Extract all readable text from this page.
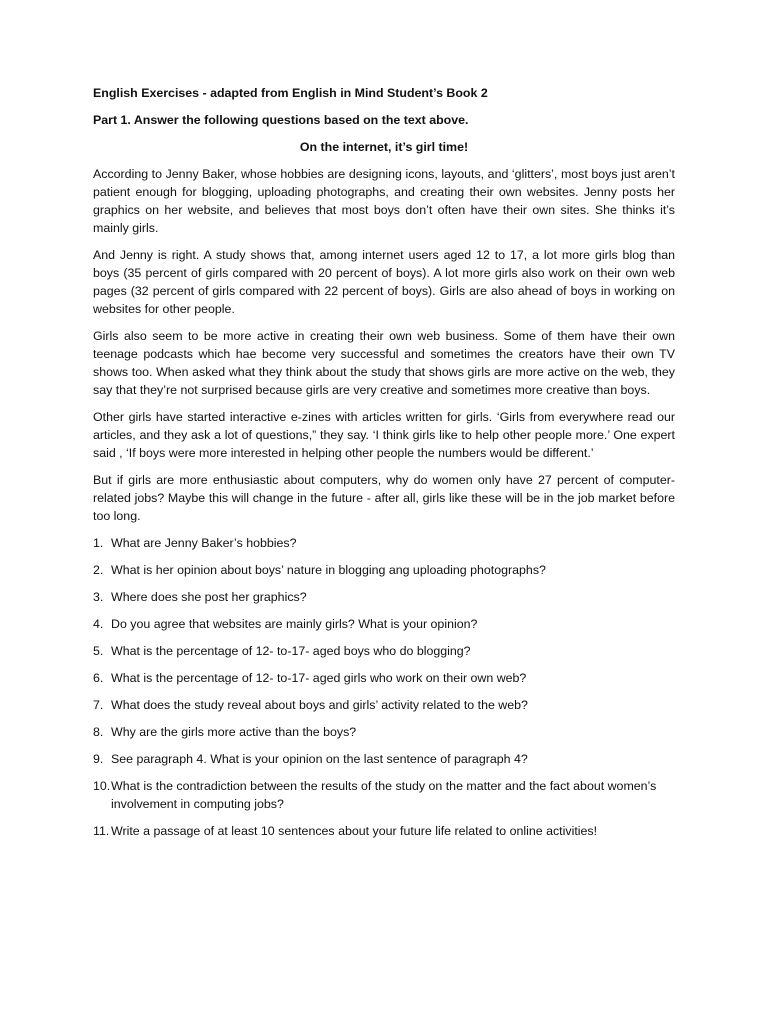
English Exercises - adapted from English in Mind Student’s Book 2

Part 1. Answer the following questions based on the text above.

On the internet, it’s girl time!

According to Jenny Baker, whose hobbies are designing icons, layouts, and ‘glitters’, most boys just aren’t patient enough for blogging, uploading photographs, and creating their own websites. Jenny posts her graphics on her website, and believes that most boys don’t often have their own sites. She thinks it’s mainly girls.

And Jenny is right. A study shows that, among internet users aged 12 to 17, a lot more girls blog than boys (35 percent of girls compared with 20 percent of boys). A lot more girls also work on their own web pages (32 percent of girls compared with 22 percent of boys). Girls are also ahead of boys in working on websites for other people.

Girls also seem to be more active in creating their own web business. Some of them have their own teenage podcasts which hae become very successful and sometimes the creators have their own TV shows too. When asked what they think about the study that shows girls are more active on the web, they say that they’re not surprised because girls are very creative and sometimes more creative than boys.

Other girls have started interactive e-zines with articles written for girls. ‘Girls from everywhere read our articles, and they ask a lot of questions,” they say. ‘I think girls like to help other people more.’ One expert said , ‘If boys were more interested in helping other people the numbers would be different.’

But if girls are more enthusiastic about computers, why do women only have 27 percent of computer-related jobs? Maybe this will change in the future - after all, girls like these will be in the job market before too long.

1. What are Jenny Baker’s hobbies?
2. What is her opinion about boys’ nature in blogging ang uploading photographs?
3. Where does she post her graphics?
4. Do you agree that websites are mainly girls? What is your opinion?
5. What is the percentage of 12- to-17- aged boys who do blogging?
6. What is the percentage of 12- to-17- aged girls who work on their own web?
7. What does the study reveal about boys and girls’ activity related to the web?
8. Why are the girls more active than the boys?
9. See paragraph 4. What is your opinion on the last sentence of paragraph 4?
10. What is the contradiction between the results of the study on the matter and the fact about women’s involvement in computing jobs?
11. Write a passage of at least 10 sentences about your future life related to online activities!
